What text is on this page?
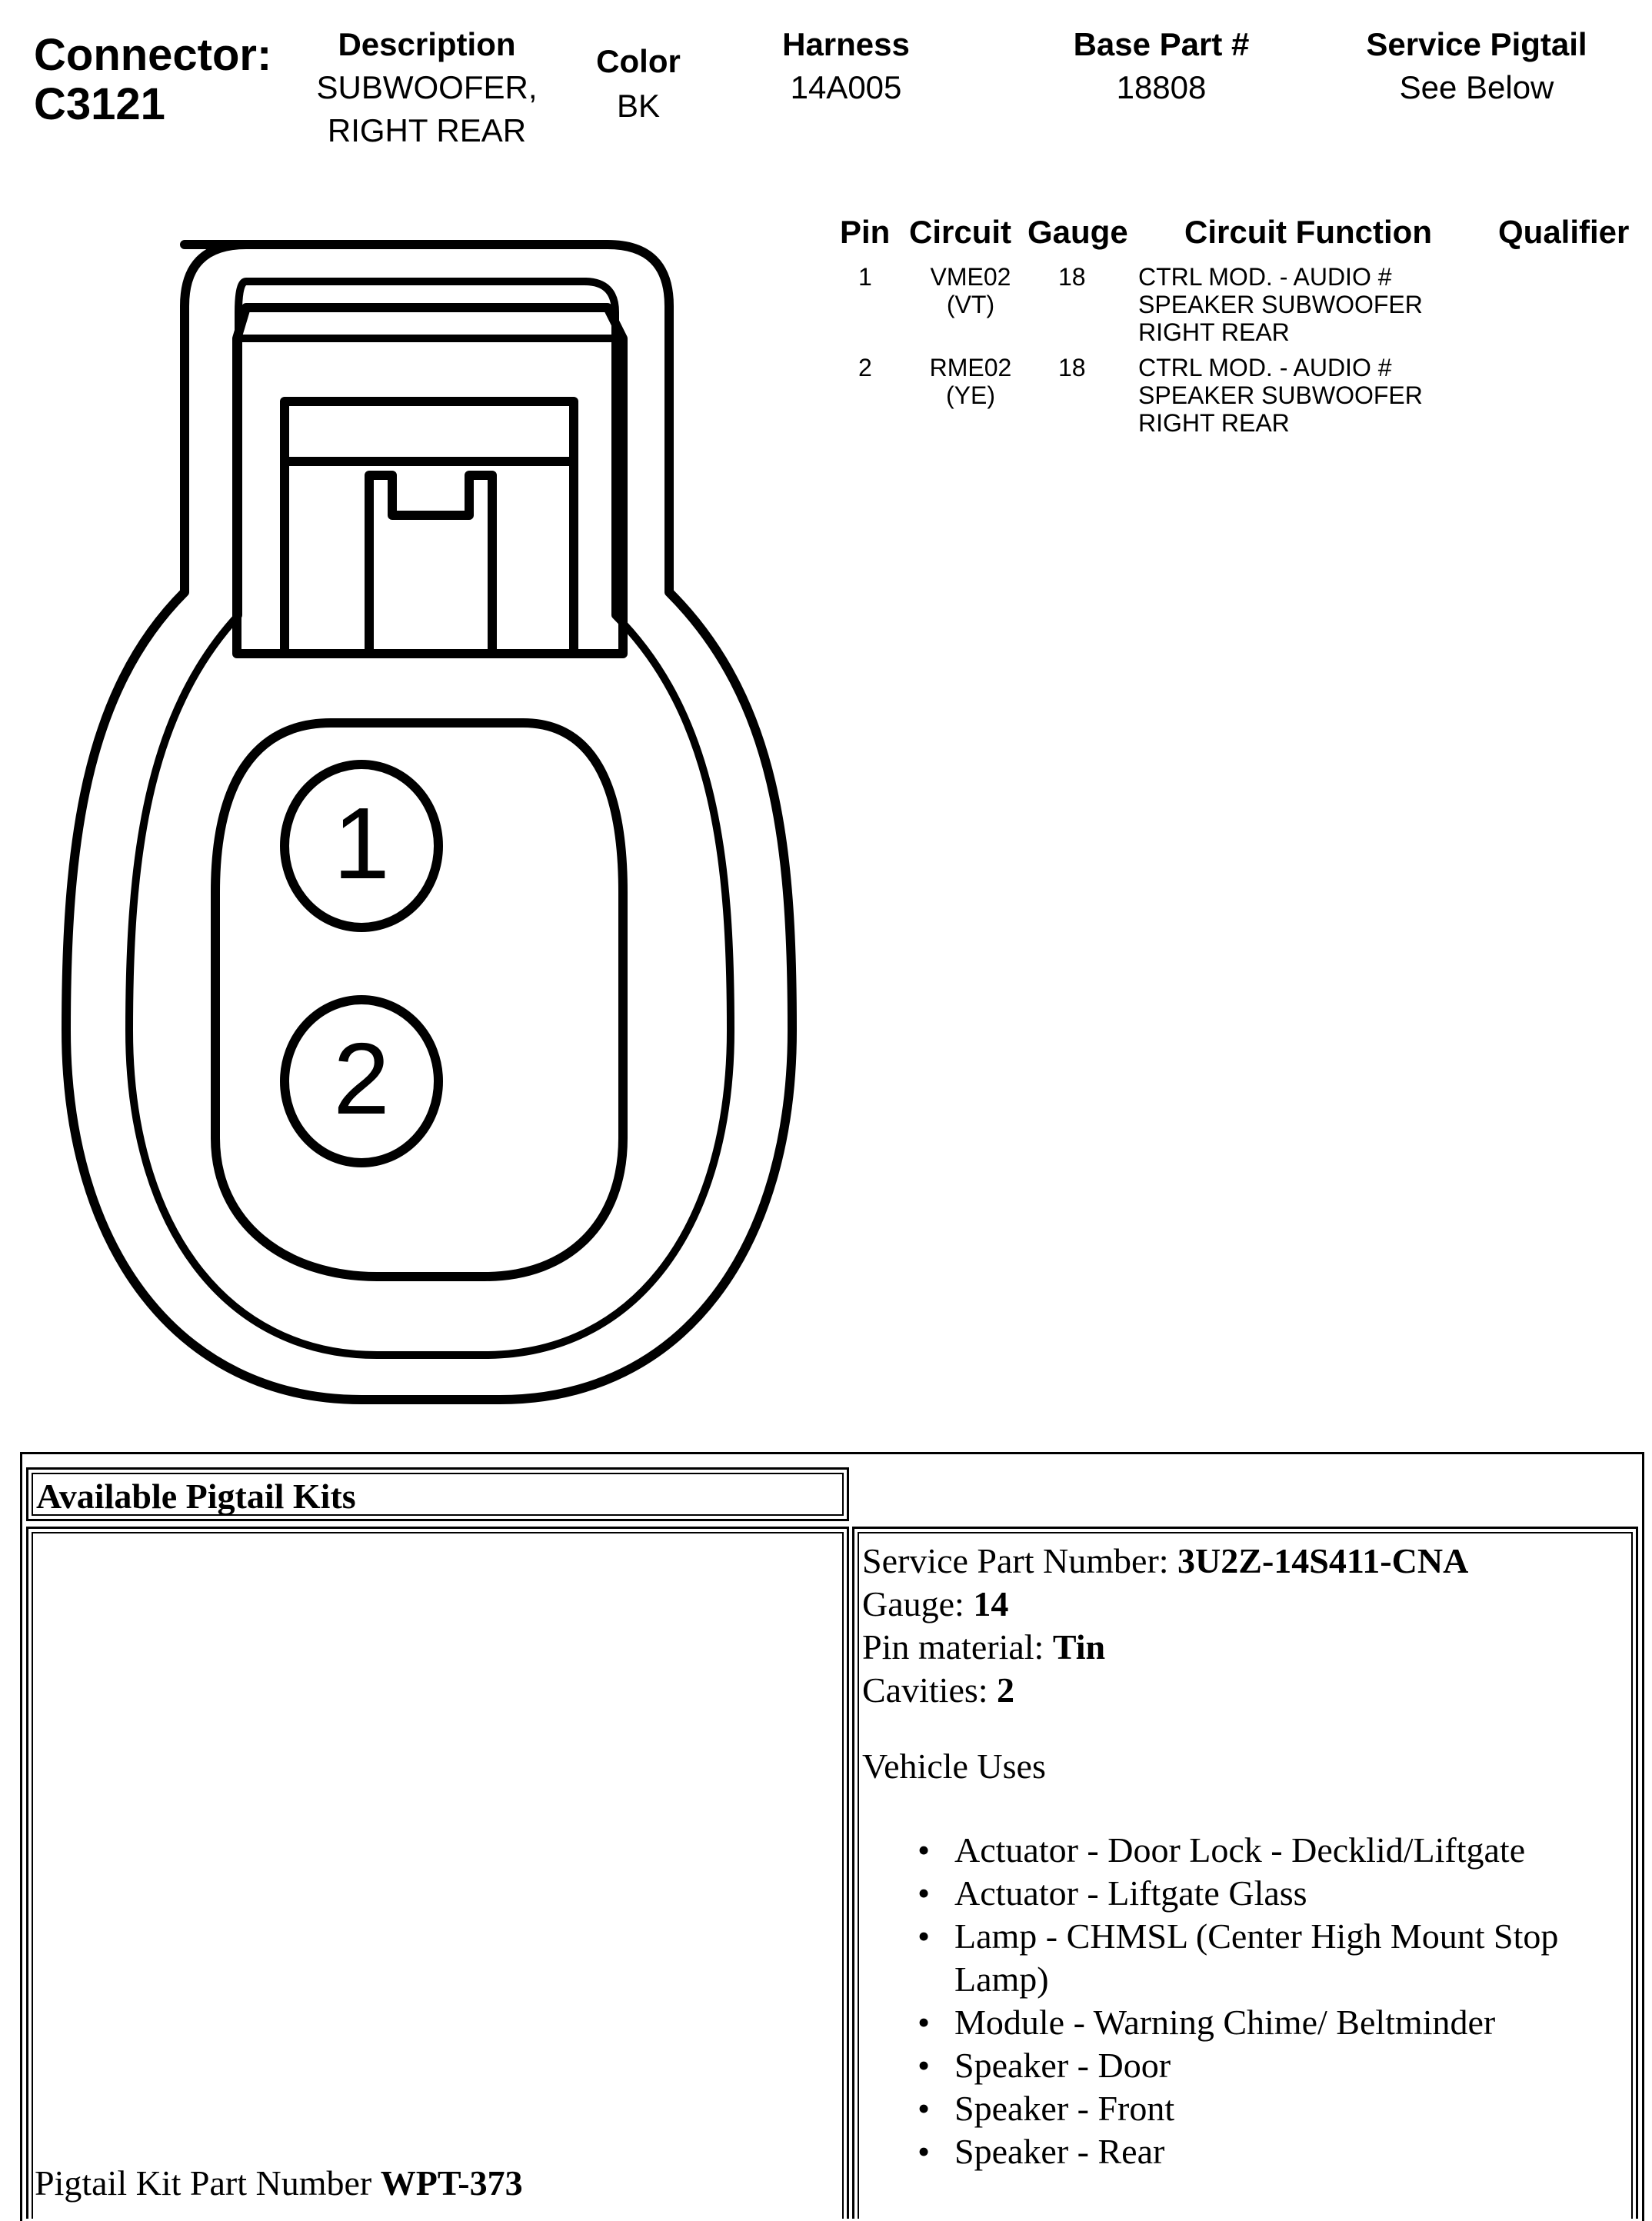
Connector:
C3121
Description
SUBWOOFER,
RIGHT REAR
Color
BK
Harness
14A005
Base Part #
18808
Service Pigtail
See Below
Pin Circuit Gauge Circuit Function Qualifier
1	VME02
(VT)
18 CTRL MOD. - AUDIO #
SPEAKER SUBWOOFER
RIGHT REAR
2	RME02
(YE)
18 CTRL MOD. - AUDIO #
SPEAKER SUBWOOFER
RIGHT REAR
1
2
Available Pigtail Kits
Pigtail Kit Part Number WPT-373
Service Part Number: 3U2Z-14S411-CNA
Gauge: 14
Pin material: Tin
Cavities: 2
Vehicle Uses
• Actuator - Door Lock - Decklid/Liftgate
• Actuator - Liftgate Glass
• Lamp - CHMSL (Center High Mount Stop Lamp)
• Module - Warning Chime/ Beltminder
• Speaker - Door
• Speaker - Front
• Speaker - Rear
